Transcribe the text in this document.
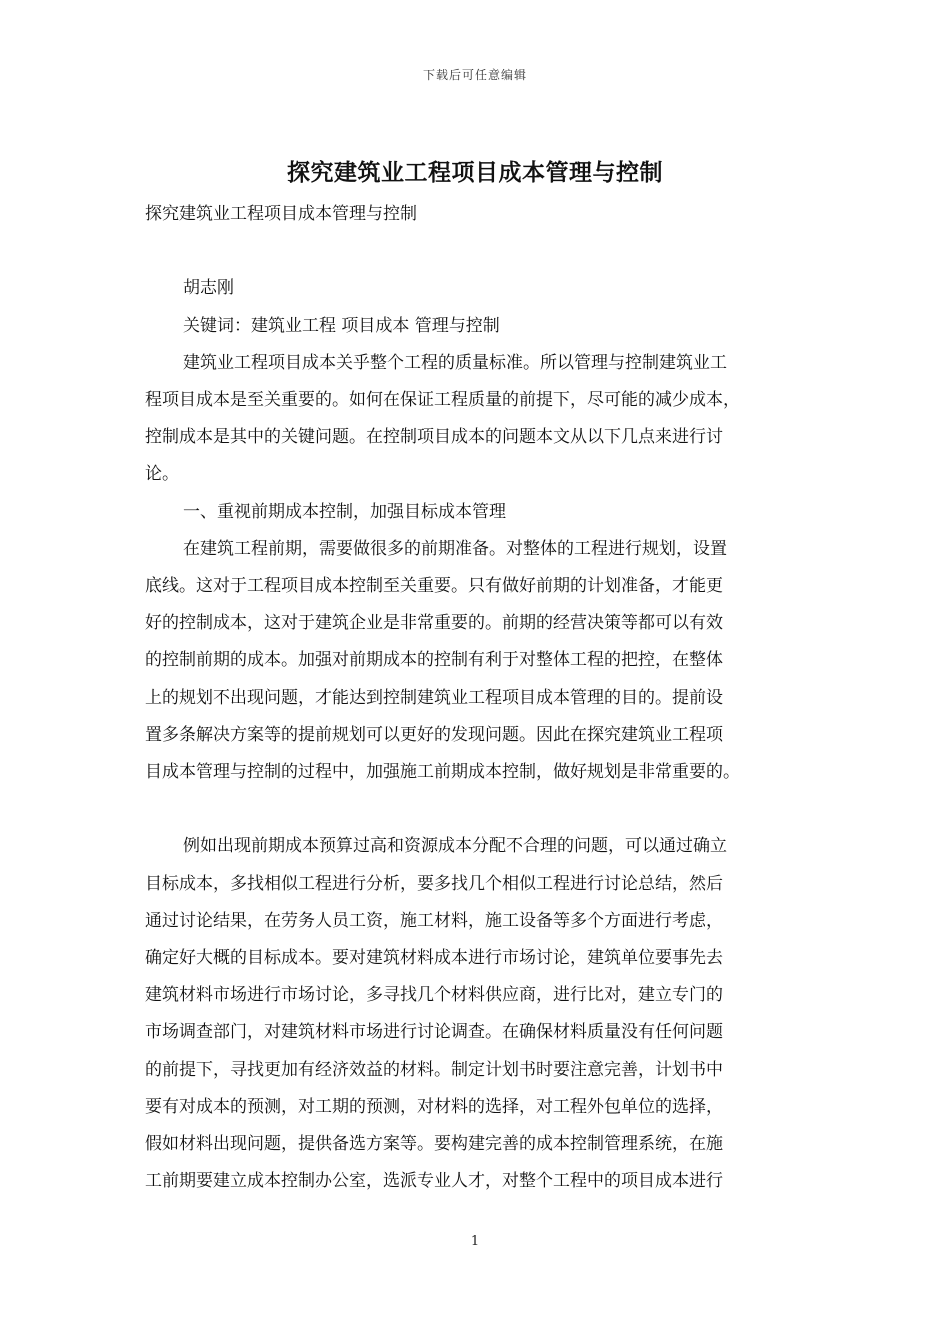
下载后可任意编辑
探究建筑业工程项目成本管理与控制
探究建筑业工程项目成本管理与控制
胡志刚
关键词：建筑业工程 项目成本 管理与控制
建筑业工程项目成本关乎整个工程的质量标准。所以管理与控制建筑业工
程项目成本是至关重要的。如何在保证工程质量的前提下，尽可能的减少成本，
控制成本是其中的关键问题。在控制项目成本的问题本文从以下几点来进行讨
论。
一、重视前期成本控制，加强目标成本管理
在建筑工程前期，需要做很多的前期准备。对整体的工程进行规划，设置
底线。这对于工程项目成本控制至关重要。只有做好前期的计划准备，才能更
好的控制成本，这对于建筑企业是非常重要的。前期的经营决策等都可以有效
的控制前期的成本。加强对前期成本的控制有利于对整体工程的把控，在整体
上的规划不出现问题，才能达到控制建筑业工程项目成本管理的目的。提前设
置多条解决方案等的提前规划可以更好的发现问题。因此在探究建筑业工程项
目成本管理与控制的过程中，加强施工前期成本控制，做好规划是非常重要的。
例如出现前期成本预算过高和资源成本分配不合理的问题，可以通过确立
目标成本，多找相似工程进行分析，要多找几个相似工程进行讨论总结，然后
通过讨论结果，在劳务人员工资，施工材料，施工设备等多个方面进行考虑，
确定好大概的目标成本。要对建筑材料成本进行市场讨论，建筑单位要事先去
建筑材料市场进行市场讨论，多寻找几个材料供应商，进行比对，建立专门的
市场调查部门，对建筑材料市场进行讨论调查。在确保材料质量没有任何问题
的前提下，寻找更加有经济效益的材料。制定计划书时要注意完善，计划书中
要有对成本的预测，对工期的预测，对材料的选择，对工程外包单位的选择，
假如材料出现问题，提供备选方案等。要构建完善的成本控制管理系统，在施
工前期要建立成本控制办公室，选派专业人才，对整个工程中的项目成本进行
1
